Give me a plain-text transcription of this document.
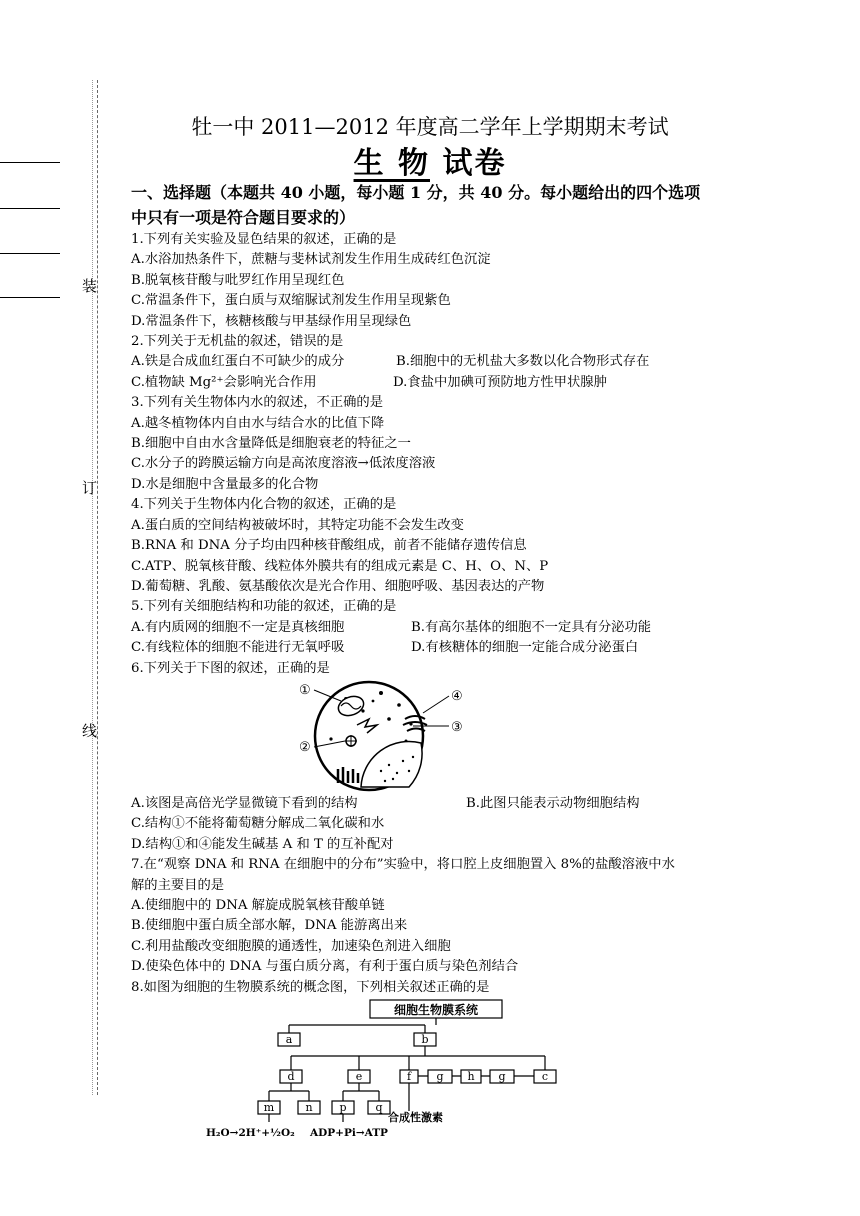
装
订
线
牡一中 2011—2012 年度高二学年上学期期末考试
生 物 试卷
一、选择题（本题共 40 小题，每小题 1 分，共 40 分。每小题给出的四个选项
中只有一项是符合题目要求的）
1.下列有关实验及显色结果的叙述，正确的是
A.水浴加热条件下，蔗糖与斐林试剂发生作用生成砖红色沉淀
B.脱氧核苷酸与吡罗红作用呈现红色
C.常温条件下，蛋白质与双缩脲试剂发生作用呈现紫色
D.常温条件下，核糖核酸与甲基绿作用呈现绿色
2.下列关于无机盐的叙述，错误的是
A.铁是合成血红蛋白不可缺少的成分	B.细胞中的无机盐大多数以化合物形式存在
C.植物缺 Mg²⁺会影响光合作用	D.食盐中加碘可预防地方性甲状腺肿
3.下列有关生物体内水的叙述，不正确的是
A.越冬植物体内自由水与结合水的比值下降
B.细胞中自由水含量降低是细胞衰老的特征之一
C.水分子的跨膜运输方向是高浓度溶液→低浓度溶液
D.水是细胞中含量最多的化合物
4.下列关于生物体内化合物的叙述，正确的是
A.蛋白质的空间结构被破坏时，其特定功能不会发生改变
B.RNA 和 DNA 分子均由四种核苷酸组成，前者不能储存遗传信息
C.ATP、脱氧核苷酸、线粒体外膜共有的组成元素是 C、H、O、N、P
D.葡萄糖、乳酸、氨基酸依次是光合作用、细胞呼吸、基因表达的产物
5.下列有关细胞结构和功能的叙述，正确的是
A.有内质网的细胞不一定是真核细胞	B.有高尔基体的细胞不一定具有分泌功能
C.有线粒体的细胞不能进行无氧呼吸	D.有核糖体的细胞一定能合成分泌蛋白
6.下列关于下图的叙述，正确的是
①
②
③
④
A.该图是高倍光学显微镜下看到的结构	B.此图只能表示动物细胞结构
C.结构①不能将葡萄糖分解成二氧化碳和水
D.结构①和④能发生碱基 A 和 T 的互补配对
7.在“观察 DNA 和 RNA 在细胞中的分布”实验中，将口腔上皮细胞置入 8%的盐酸溶液中水
解的主要目的是
A.使细胞中的 DNA 解旋成脱氧核苷酸单链
B.使细胞中蛋白质全部水解，DNA 能游离出来
C.利用盐酸改变细胞膜的通透性，加速染色剂进入细胞
D.使染色体中的 DNA 与蛋白质分离，有利于蛋白质与染色剂结合
8.如图为细胞的生物膜系统的概念图，下列相关叙述正确的是
细胞生物膜系统
a	b
d	e	f g h g	c
m	n p	q
合成性激素
H₂O→2H⁺+½O₂ ADP+Pi→ATP
